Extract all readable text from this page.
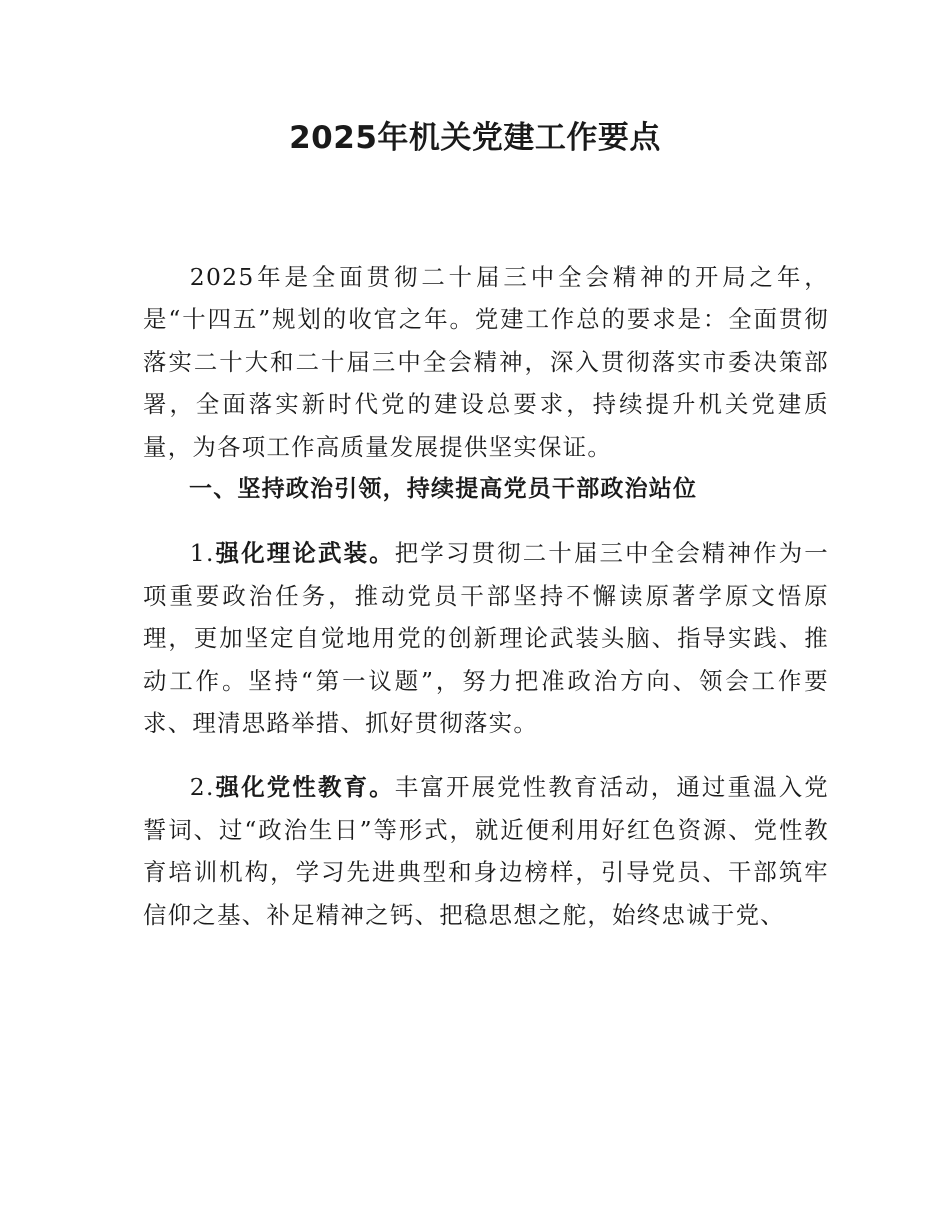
2025年机关党建工作要点

2025年是全面贯彻二十届三中全会精神的开局之年，是“十四五”规划的收官之年。党建工作总的要求是：全面贯彻落实二十大和二十届三中全会精神，深入贯彻落实市委决策部署，全面落实新时代党的建设总要求，持续提升机关党建质量，为各项工作高质量发展提供坚实保证。

一、坚持政治引领，持续提高党员干部政治站位

1.强化理论武装。把学习贯彻二十届三中全会精神作为一项重要政治任务，推动党员干部坚持不懈读原著学原文悟原理，更加坚定自觉地用党的创新理论武装头脑、指导实践、推动工作。坚持“第一议题”，努力把准政治方向、领会工作要求、理清思路举措、抓好贯彻落实。

2.强化党性教育。丰富开展党性教育活动，通过重温入党誓词、过“政治生日”等形式，就近便利用好红色资源、党性教育培训机构，学习先进典型和身边榜样，引导党员、干部筑牢信仰之基、补足精神之钙、把稳思想之舵，始终忠诚于党、
